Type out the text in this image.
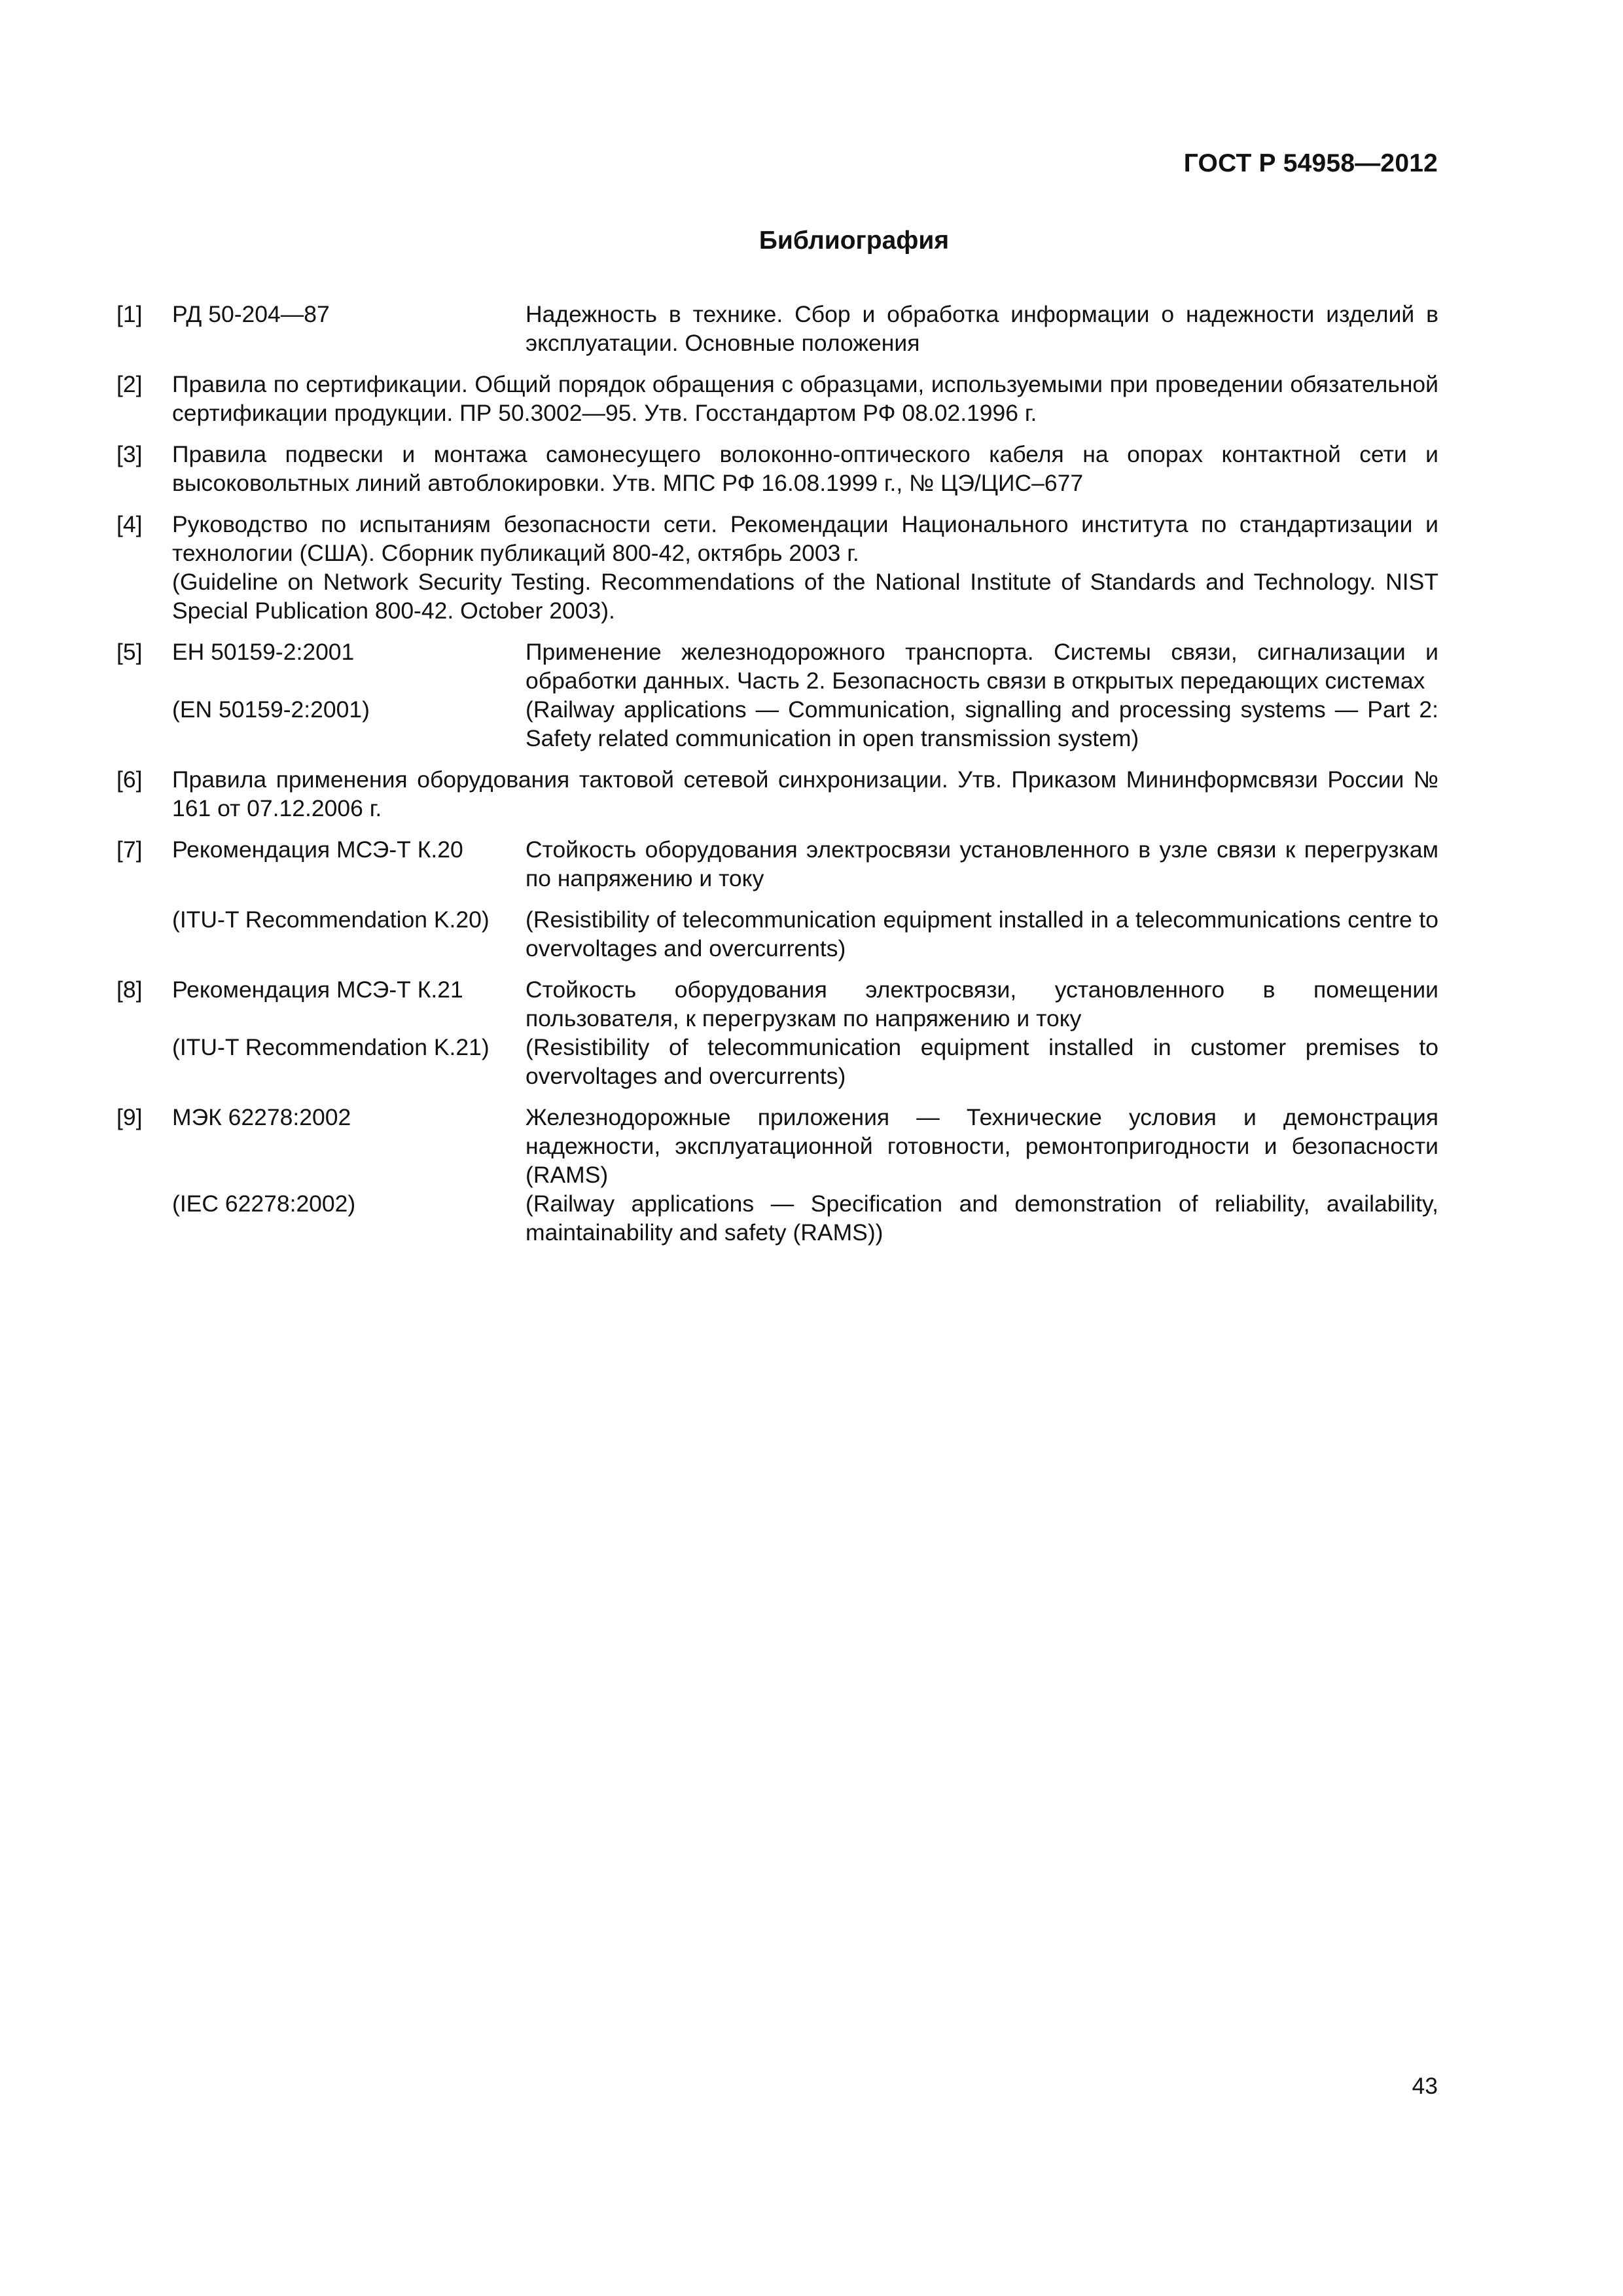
ГОСТ Р 54958—2012
Библиография
[1] РД 50-204—87	Надежность в технике. Сбор и обработка информации о надежности изделий в эксплуатации. Основные положения
[2] Правила по сертификации. Общий порядок обращения с образцами, используемыми при проведении обязательной сертификации продукции. ПР 50.3002—95. Утв. Госстандартом РФ 08.02.1996 г.
[3] Правила подвески и монтажа самонесущего волоконно-оптического кабеля на опорах контактной сети и высоковольтных линий автоблокировки. Утв. МПС РФ 16.08.1999 г., № ЦЭ/ЦИС–677
[4] Руководство по испытаниям безопасности сети. Рекомендации Национального института по стандартизации и технологии (США). Сборник публикаций 800-42, октябрь 2003 г.
(Guideline on Network Security Testing. Recommendations of the National Institute of Standards and Technology. NIST Special Publication 800-42. October 2003).
[5] ЕН 50159-2:2001	Применение железнодорожного транспорта. Системы связи, сигнализации и обработки данных. Часть 2. Безопасность связи в открытых передающих системах
(EN 50159-2:2001)	(Railway applications — Communication, signalling and processing systems — Part 2: Safety related communication in open transmission system)
[6] Правила применения оборудования тактовой сетевой синхронизации. Утв. Приказом Мининформсвязи России № 161 от 07.12.2006 г.
[7] Рекомендация МСЭ-Т К.20	Стойкость оборудования электросвязи установленного в узле связи к перегрузкам по напряжению и току
(ITU-T Recommendation K.20)	(Resistibility of telecommunication equipment installed in a telecommunications centre to overvoltages and overcurrents)
[8] Рекомендация МСЭ-Т К.21	Стойкость оборудования электросвязи, установленного в помещении пользователя, к перегрузкам по напряжению и току
(ITU-T Recommendation K.21)	(Resistibility of telecommunication equipment installed in customer premises to overvoltages and overcurrents)
[9] МЭК 62278:2002	Железнодорожные приложения — Технические условия и демонстрация надежности, эксплуатационной готовности, ремонтопригодности и безопасности (RAMS)
(IEC 62278:2002)	(Railway applications — Specification and demonstration of reliability, availability, maintainability and safety (RAMS))
43
